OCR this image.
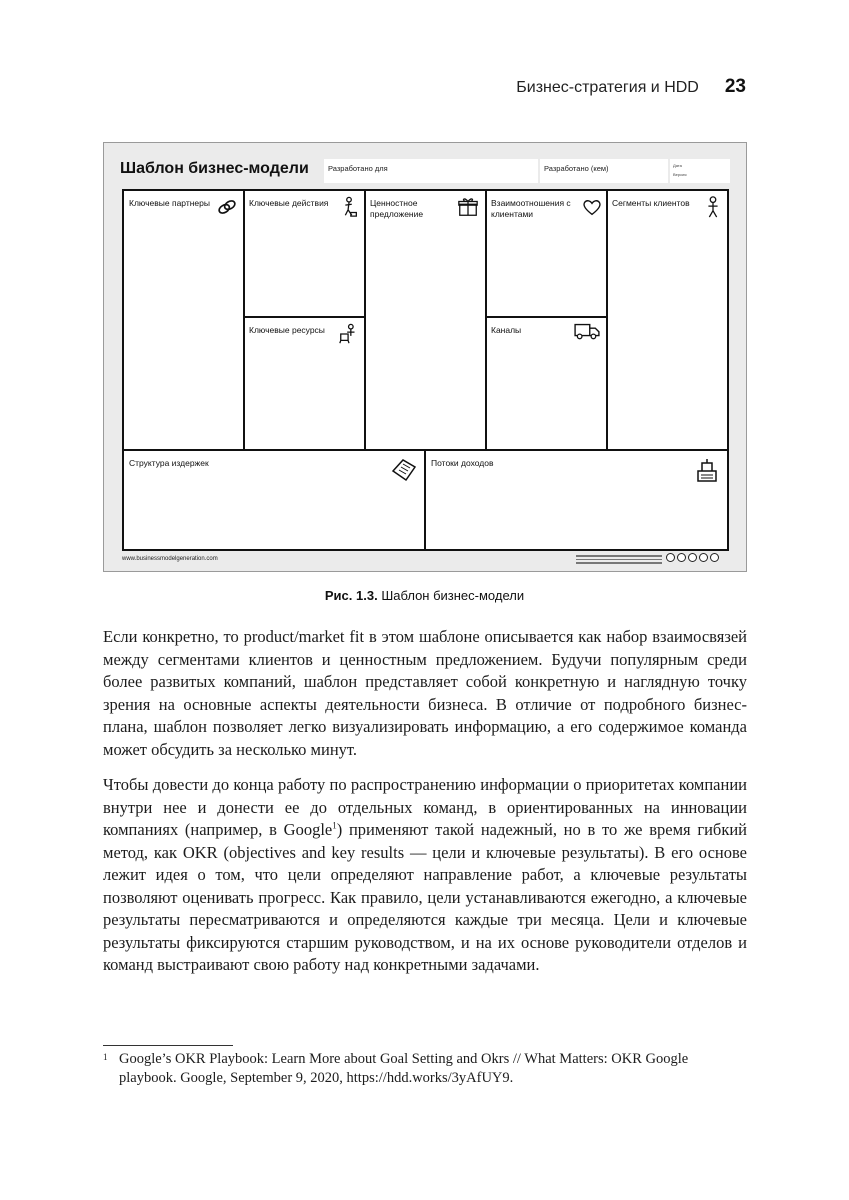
Бизнес-стратегия и HDD 23
Шаблон бизнес-модели	Разработано для	Разработано (кем)	Дата
Версия
Ключевые партнеры	Ключевые действия	Ценностное предложение
Взаимоотношения с клиентами
Сегменты клиентов
Ключевые ресурсы	Каналы
Структура издержек	Потоки доходов
www.businessmodelgeneration.com
Рис. 1.3. Шаблон бизнес-модели

Если конкретно, то product/market fit в этом шаблоне описывается как набор взаимосвязей между сегментами клиентов и ценностным предложением. Будучи популярным среди более развитых компаний, шаблон представляет собой конкретную и наглядную точку зрения на основные аспекты деятельности бизнеса. В отличие от подробного бизнес-плана, шаблон позволяет легко визуализировать информацию, а его содержимое команда может обсудить за несколько минут.

Чтобы довести до конца работу по распространению информации о приоритетах компании внутри нее и донести ее до отдельных команд, в ориентированных на инновации компаниях (например, в Google$^1$) применяют такой надежный, но в то же время гибкий метод, как OKR (objectives and key results — цели и ключевые результаты). В его основе лежит идея о том, что цели определяют направление работ, а ключевые результаты позволяют оценивать прогресс. Как правило, цели устанавливаются ежегодно, а ключевые результаты пересматриваются и определяются каждые три месяца. Цели и ключевые результаты фиксируются старшим руководством, и на их основе руководители отделов и команд выстраивают свою работу над конкретными задачами.

1 Google’s OKR Playbook: Learn More about Goal Setting and Okrs // What Matters: OKR Google playbook. Google, September 9, 2020, https://hdd.works/3yAfUY9.
